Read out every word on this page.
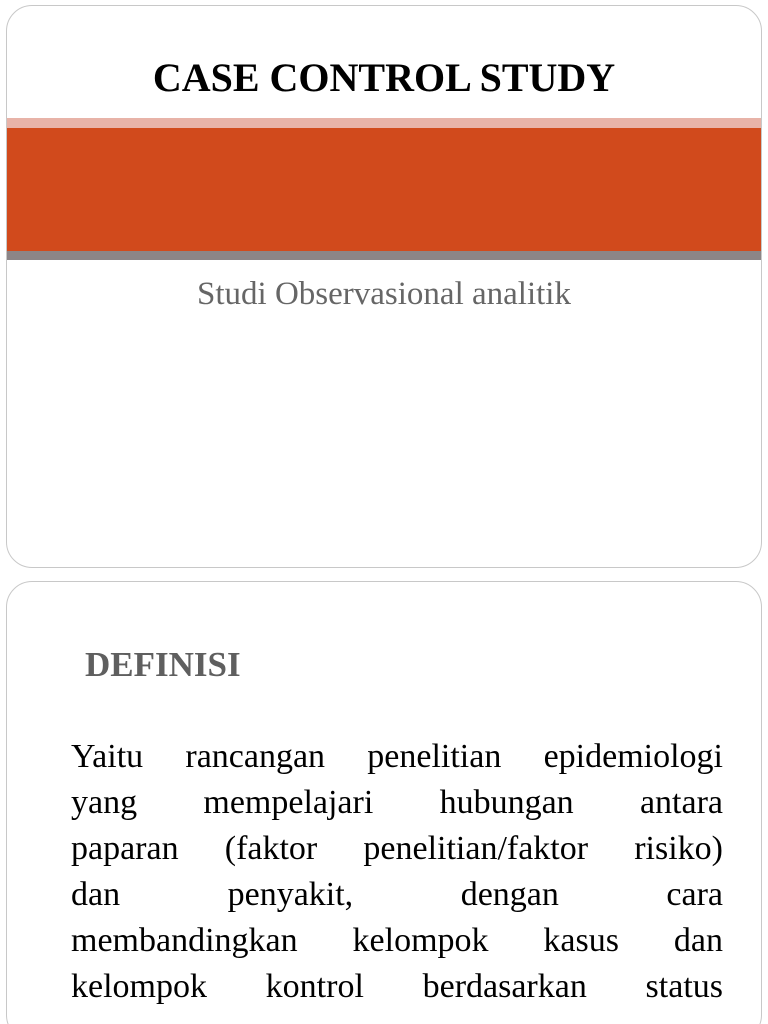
CASE CONTROL STUDY
Studi Observasional analitik
DEFINISI
Yaitu rancangan penelitian epidemiologi
yang mempelajari hubungan antara
paparan (faktor penelitian/faktor risiko)
dan penyakit, dengan cara
membandingkan kelompok kasus dan
kelompok kontrol berdasarkan status
